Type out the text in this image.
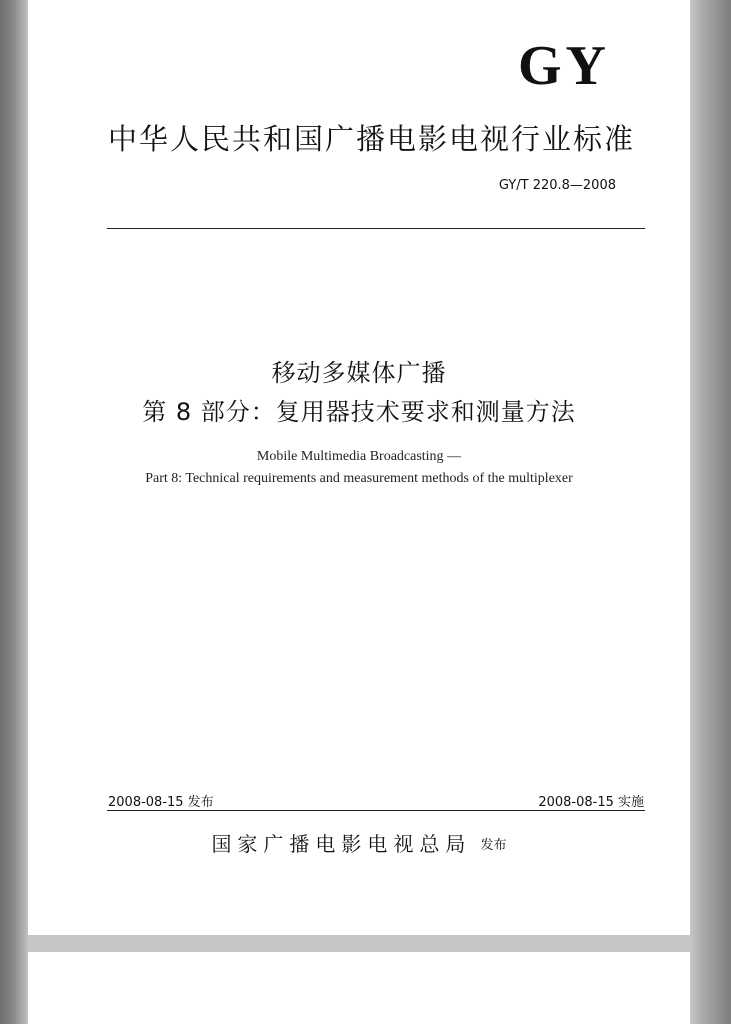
GY
中华人民共和国广播电影电视行业标准
GY/T 220.8—2008
移动多媒体广播
第 8 部分：复用器技术要求和测量方法
Mobile Multimedia Broadcasting —
Part 8: Technical requirements and measurement methods of the multiplexer
2008-08-15 发布	2008-08-15 实施
国家广播电影电视总局 发布
